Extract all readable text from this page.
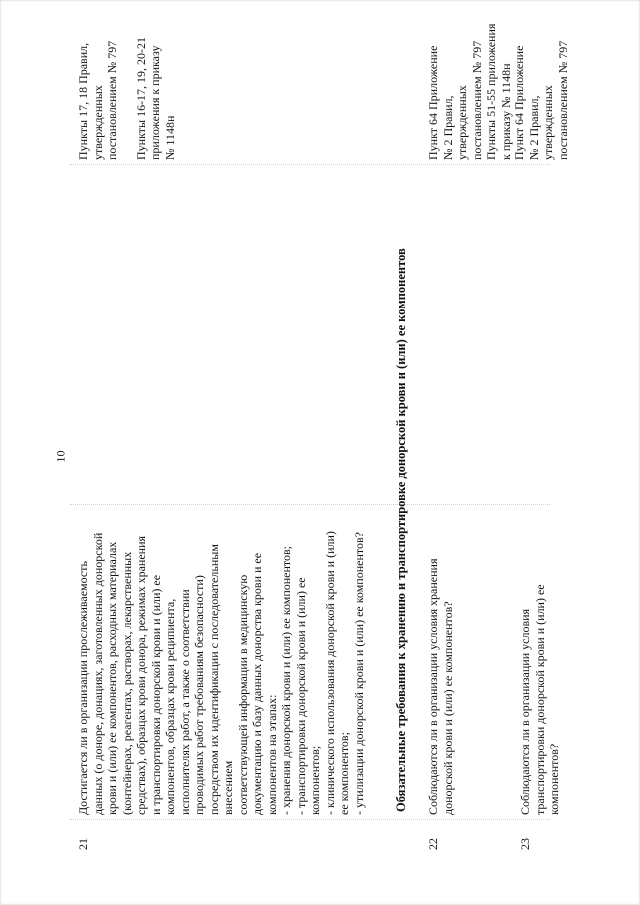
10
21
Достигается ли в организации прослеживаемость данных (о доноре, донациях, заготовленных донорской крови и (или) ее компонентов, расходных материалах (контейнерах, реагентах, растворах, лекарственных средствах), образцах крови донора, режимах хранения и транспортировки донорской крови и (или) ее компонентов, образцах крови реципиента, исполнителях работ, а также о соответствии проводимых работ требованиям безопасности) посредством их идентификации с последовательным внесением соответствующей информации в медицинскую документацию и базу данных донорства крови и ее компонентов на этапах: - хранения донорской крови и (или) ее компонентов; - транспортировки донорской крови и (или) ее компонентов; - клинического использования донорской крови и (или) ее компонентов; - утилизации донорской крови и (или) ее компонентов?
Пункты 17, 18 Правил, утвержденных постановлением № 797 Пункты 16-17, 19, 20-21 приложения к приказу № 1148н
Обязательные требования к хранению и транспортировке донорской крови и (или) ее компонентов
22
Соблюдаются ли в организации условия хранения донорской крови и (или) ее компонентов?
Пункт 64 Приложение № 2 Правил, утвержденных постановлением № 797 Пункты 51-55 приложения к приказу № 1148н
23
Соблюдаются ли в организации условия транспортировки донорской крови и (или) ее компонентов?
Пункт 64 Приложение № 2 Правил, утвержденных постановлением № 797
